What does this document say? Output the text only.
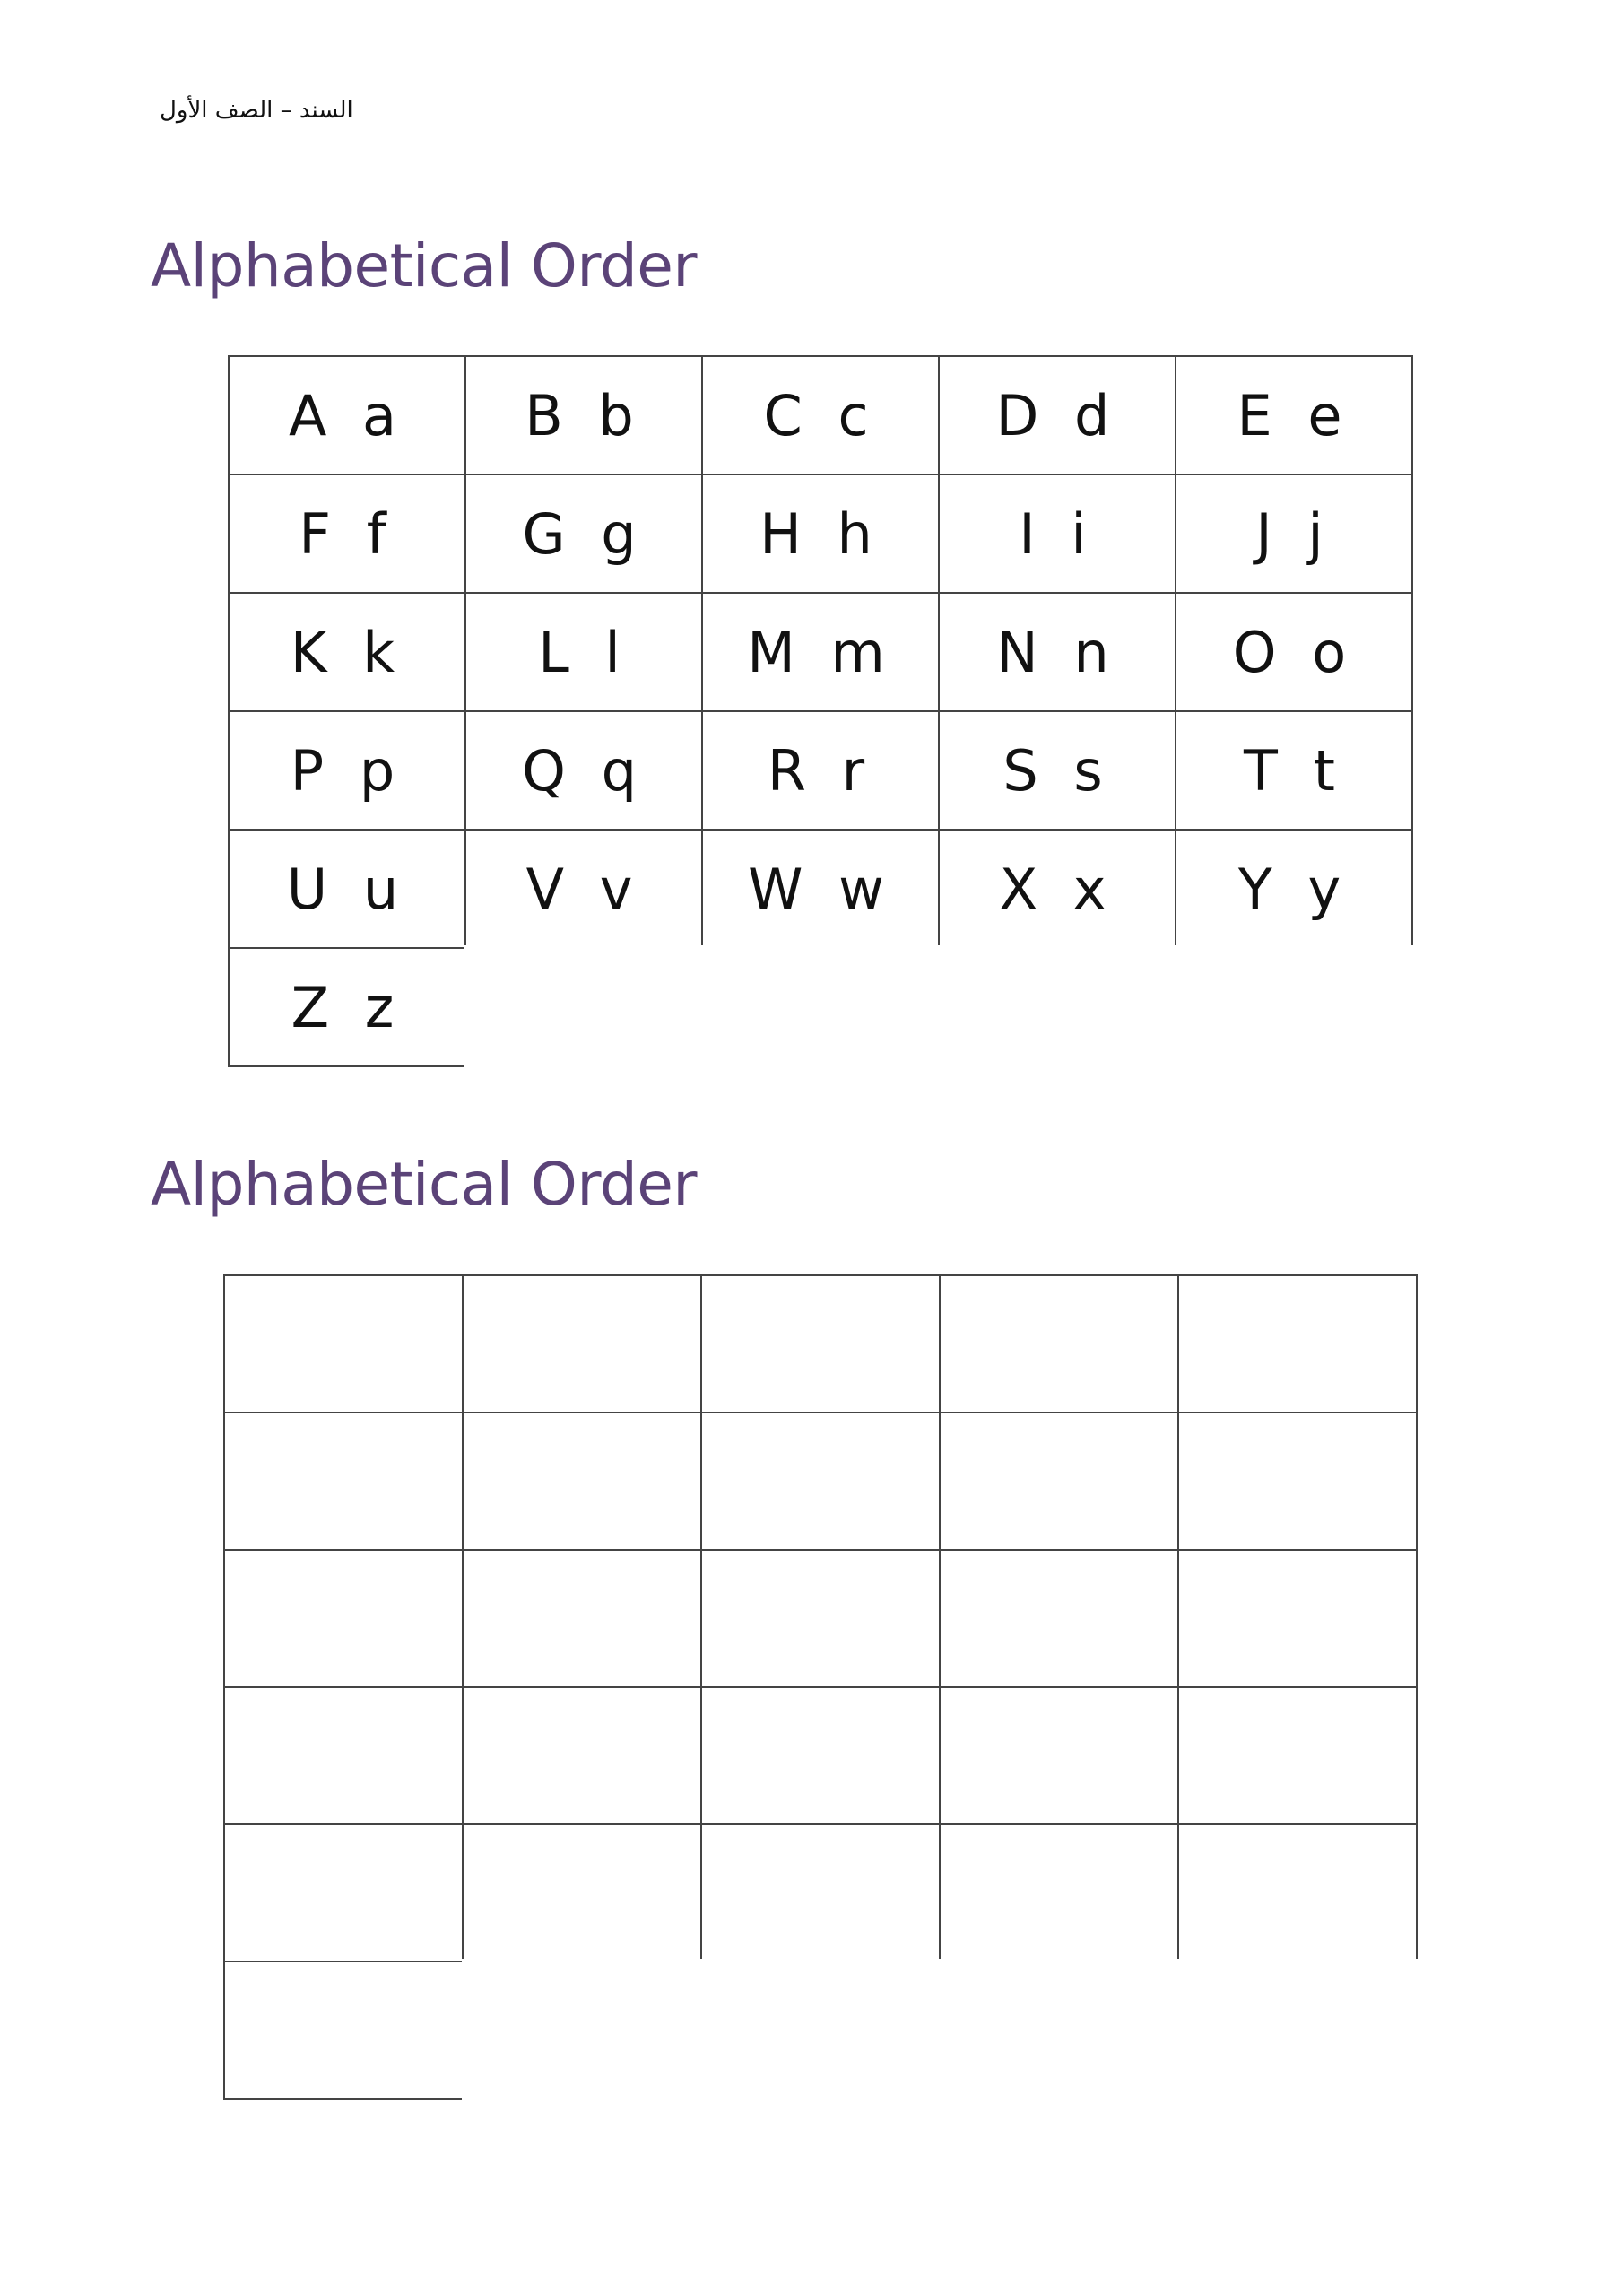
السند – الصف الأول
Alphabetical Order
A a	B b	C c	D d	E e
F f	G g	H h	I i	J j
K k	L l	M m	N n	O o
P p	Q q	R r	S s	T t
U u	V v	W w	X x	Y y
Z z
Alphabetical Order
